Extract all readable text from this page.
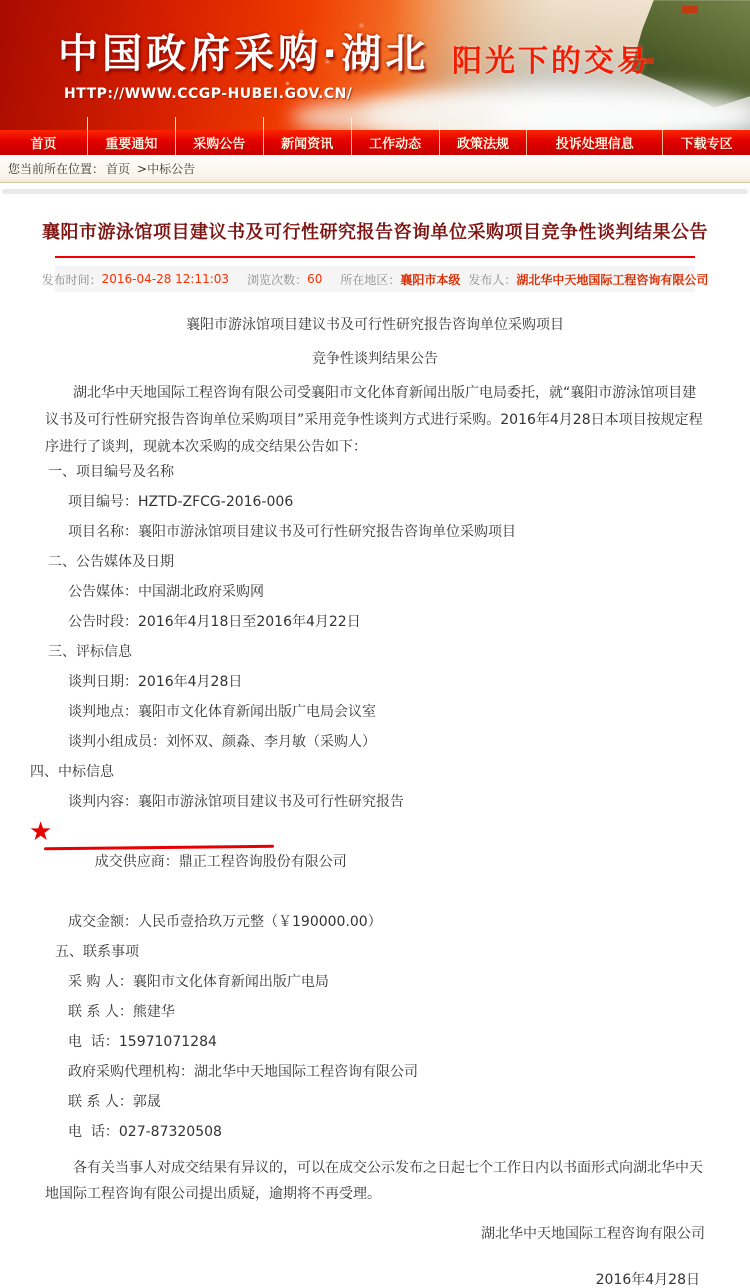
中国政府采购·湖北
HTTP://WWW.CCGP-HUBEI.GOV.CN/
阳光下的交易
首页	重要通知	采购公告	新闻资讯	工作动态	政策法规	投诉处理信息	下载专区
您当前所在位置： 首页 > 中标公告
襄阳市游泳馆项目建议书及可行性研究报告咨询单位采购项目竞争性谈判结果公告
发布时间： 2016-04-28 12:11:03 浏览次数： 60 所在地区： 襄阳市本级 发布人： 湖北华中天地国际工程咨询有限公司
襄阳市游泳馆项目建议书及可行性研究报告咨询单位采购项目
竞争性谈判结果公告
湖北华中天地国际工程咨询有限公司受襄阳市文化体育新闻出版广电局委托，就“襄阳市游泳馆项目建议书及可行性研究报告咨询单位采购项目”采用竞争性谈判方式进行采购。2016年4月28日本项目按规定程序进行了谈判，现就本次采购的成交结果公告如下：
一、项目编号及名称
项目编号：HZTD-ZFCG-2016-006
项目名称：襄阳市游泳馆项目建议书及可行性研究报告咨询单位采购项目
二、公告媒体及日期
公告媒体：中国湖北政府采购网
公告时段：2016年4月18日至2016年4月22日
三、评标信息
谈判日期：2016年4月28日
谈判地点：襄阳市文化体育新闻出版广电局会议室
谈判小组成员：刘怀双、颜淼、李月敏（采购人）
四、中标信息
谈判内容：襄阳市游泳馆项目建议书及可行性研究报告

★

成交供应商：鼎正工程咨询股份有限公司

成交金额：人民币壹拾玖万元整（￥190000.00）
五、联系事项
采 购 人：襄阳市文化体育新闻出版广电局
联 系 人：熊建华
电  话：15971071284
政府采购代理机构：湖北华中天地国际工程咨询有限公司
联 系 人：郭晟
电  话：027-87320508
各有关当事人对成交结果有异议的，可以在成交公示发布之日起七个工作日内以书面形式向湖北华中天地国际工程咨询有限公司提出质疑，逾期将不再受理。
湖北华中天地国际工程咨询有限公司
2016年4月28日
